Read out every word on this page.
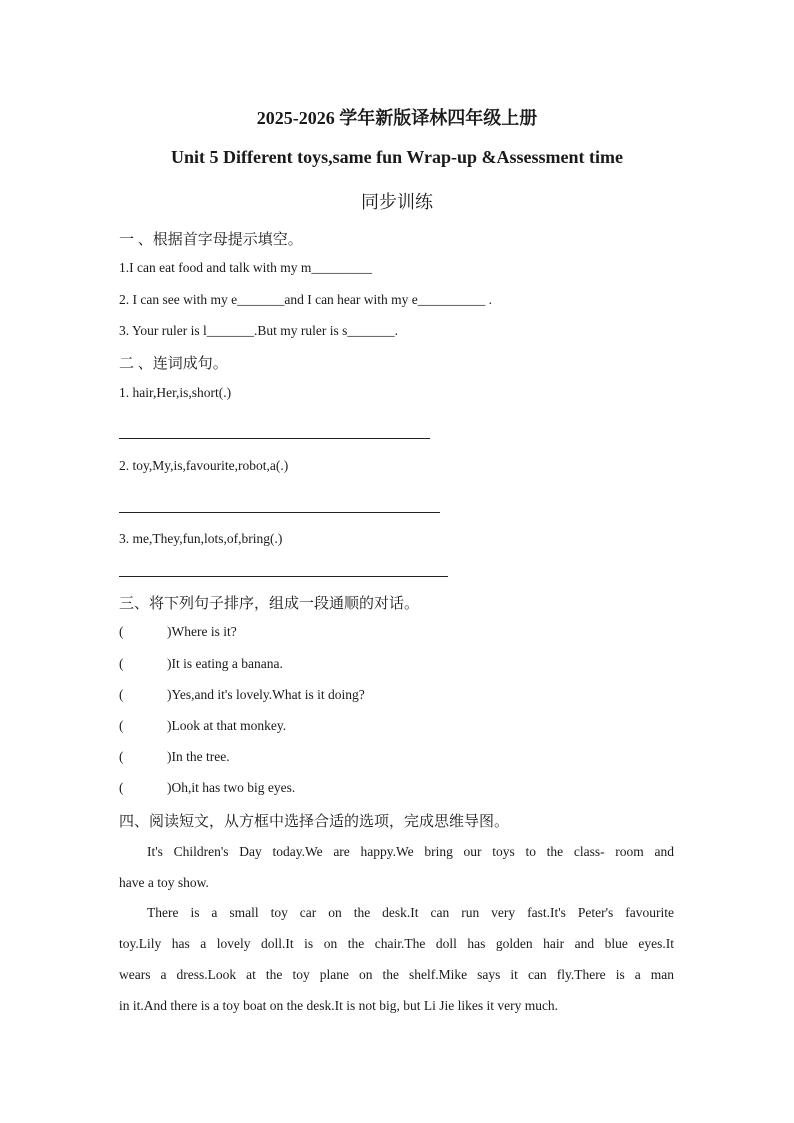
2025-2026 学年新版译林四年级上册
Unit 5 Different toys,same fun Wrap-up &Assessment time
同步训练
一 、根据首字母提示填空。
1.I can eat food and talk with my m_________
2. I can see with my e_______and I can hear with my e__________ .
3. Your ruler is l_______.But my ruler is s_______.
二 、连词成句。
1. hair,Her,is,short(.)
2. toy,My,is,favourite,robot,a(.)
3. me,They,fun,lots,of,bring(.)
三、将下列句子排序，组成一段通顺的对话。
(	)Where is it?
(	)It is eating a banana.
(	)Yes,and it's lovely.What is it doing?
(	)Look at that monkey.
(	)In the tree.
(	)Oh,it has two big eyes.
四、阅读短文，从方框中选择合适的选项，完成思维导图。
It's Children's Day today.We are happy.We bring our toys to the class- room and
have a toy show.
There is a small toy car on the desk.It can run very fast.It's Peter's favourite
toy.Lily has a lovely doll.It is on the chair.The doll has golden hair and blue eyes.It
wears a dress.Look at the toy plane on the shelf.Mike says it can fly.There is a man
in it.And there is a toy boat on the desk.It is not big, but Li Jie likes it very much.
